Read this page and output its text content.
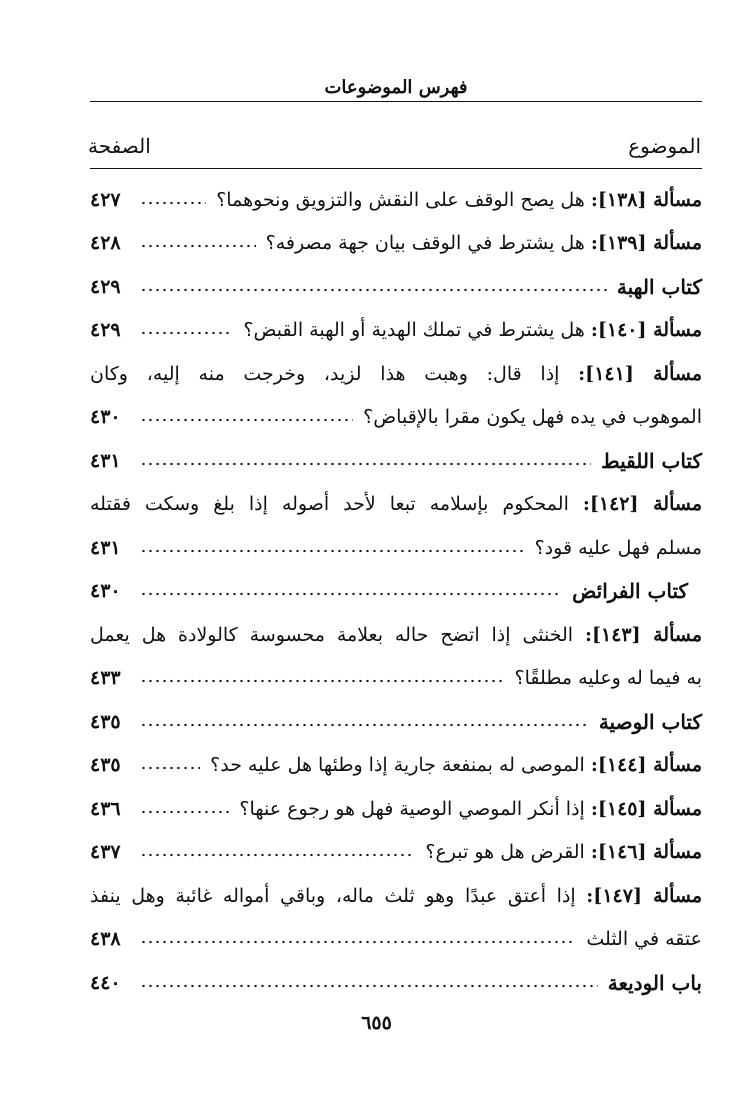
فهرس الموضوعات
الموضوع
الصفحة
مسألة [١٣٨]: هل يصح الوقف على النقش والتزويق ونحوهما؟
٤٢٧
مسألة [١٣٩]: هل يشترط في الوقف بيان جهة مصرفه؟
٤٢٨
كتاب الهبة
٤٢٩
مسألة [١٤٠]: هل يشترط في تملك الهدية أو الهبة القبض؟
٤٢٩
مسألة [١٤١]: إذا قال: وهبت هذا لزيد، وخرجت منه إليه، وكان
الموهوب في يده فهل يكون مقرا بالإقباض؟
٤٣٠
كتاب اللقيط
٤٣١
مسألة [١٤٢]: المحكوم بإسلامه تبعا لأحد أصوله إذا بلغ وسكت فقتله
مسلم فهل عليه قود؟
٤٣١
كتاب الفرائض
٤٣٠
مسألة [١٤٣]: الخنثى إذا اتضح حاله بعلامة محسوسة كالولادة هل يعمل
به فيما له وعليه مطلقًا؟
٤٣٣
كتاب الوصية
٤٣٥
مسألة [١٤٤]: الموصى له بمنفعة جارية إذا وطئها هل عليه حد؟
٤٣٥
مسألة [١٤٥]: إذا أنكر الموصي الوصية فهل هو رجوع عنها؟
٤٣٦
مسألة [١٤٦]: القرض هل هو تبرع؟
٤٣٧
مسألة [١٤٧]: إذا أعتق عبدًا وهو ثلث ماله، وباقي أمواله غائبة وهل ينفذ
عتقه في الثلث
٤٣٨
باب الوديعة
٤٤٠
٦٥٥
